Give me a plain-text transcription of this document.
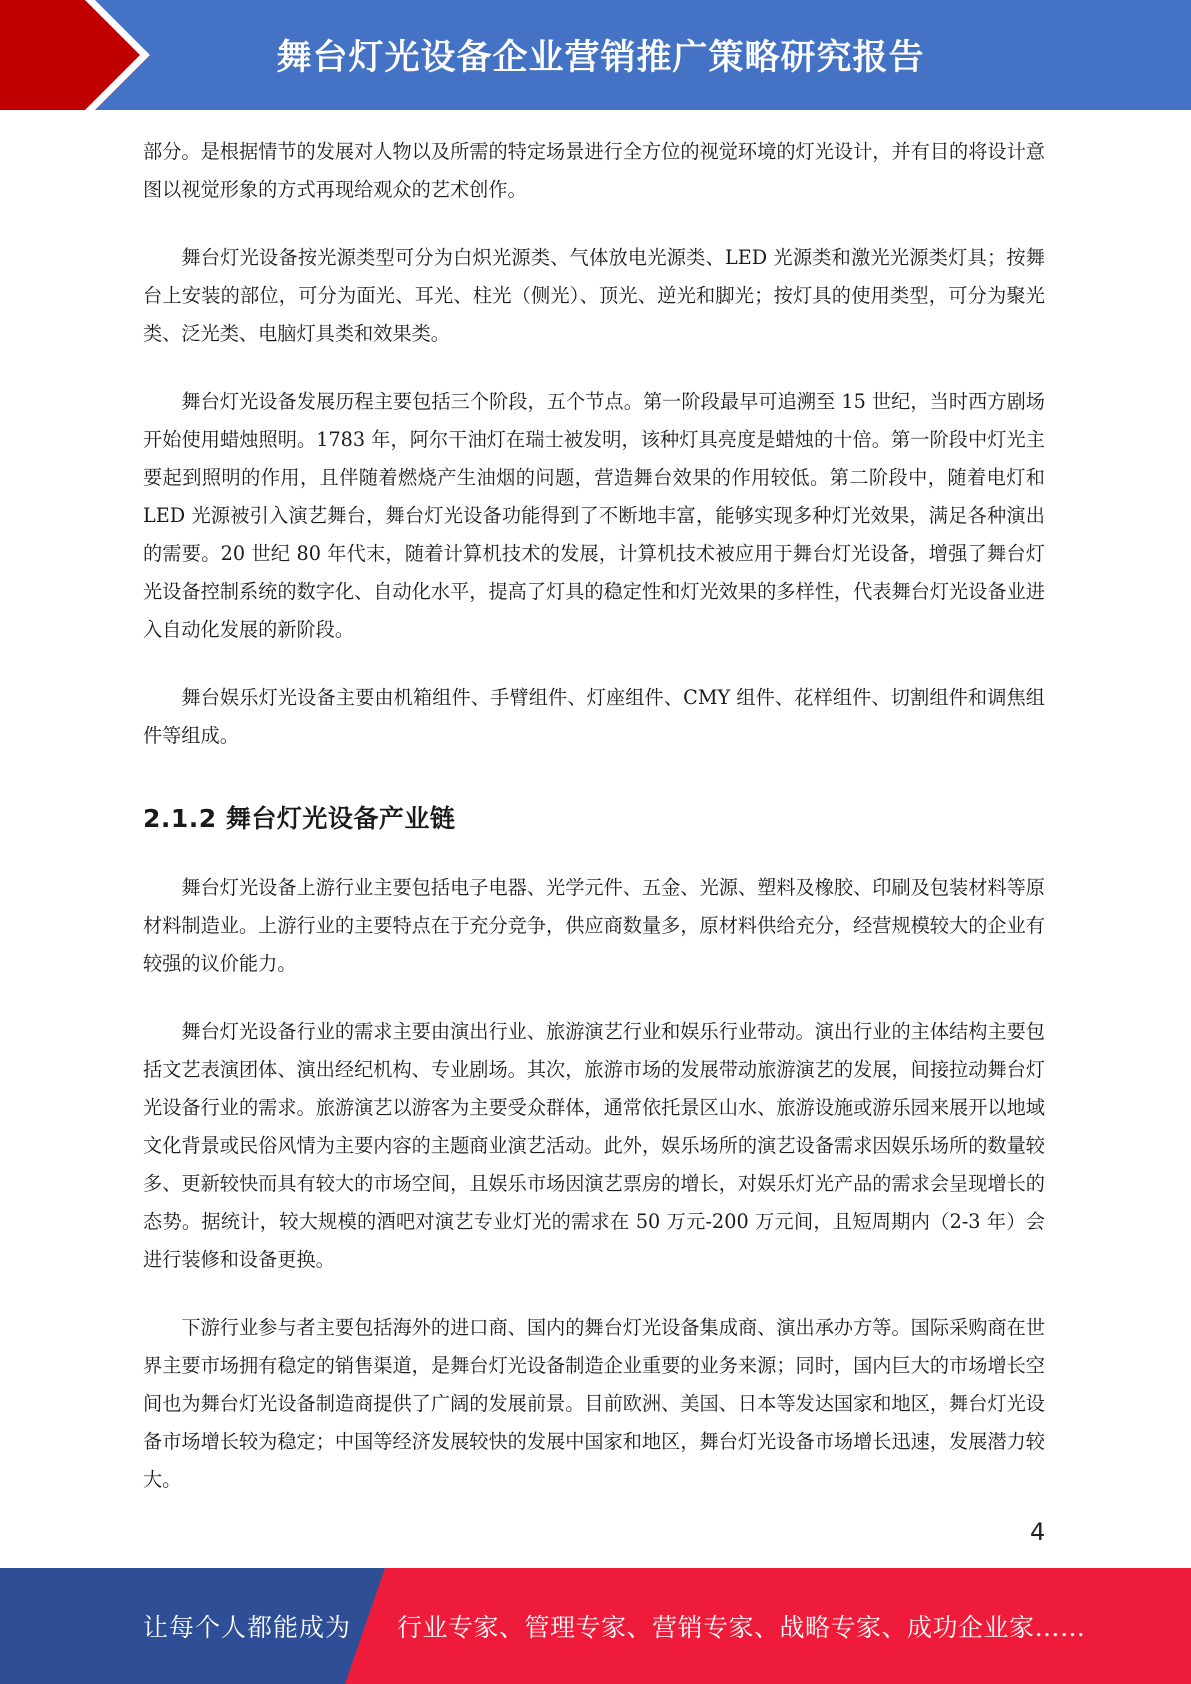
舞台灯光设备企业营销推广策略研究报告

部分。是根据情节的发展对人物以及所需的特定场景进行全方位的视觉环境的灯光设计，并有目的将设计意图以视觉形象的方式再现给观众的艺术创作。

舞台灯光设备按光源类型可分为白炽光源类、气体放电光源类、LED 光源类和激光光源类灯具；按舞台上安装的部位，可分为面光、耳光、柱光（侧光）、顶光、逆光和脚光；按灯具的使用类型，可分为聚光类、泛光类、电脑灯具类和效果类。

舞台灯光设备发展历程主要包括三个阶段，五个节点。第一阶段最早可追溯至 15 世纪，当时西方剧场开始使用蜡烛照明。1783 年，阿尔干油灯在瑞士被发明，该种灯具亮度是蜡烛的十倍。第一阶段中灯光主要起到照明的作用，且伴随着燃烧产生油烟的问题，营造舞台效果的作用较低。第二阶段中，随着电灯和 LED 光源被引入演艺舞台，舞台灯光设备功能得到了不断地丰富，能够实现多种灯光效果，满足各种演出的需要。20 世纪 80 年代末，随着计算机技术的发展，计算机技术被应用于舞台灯光设备，增强了舞台灯光设备控制系统的数字化、自动化水平，提高了灯具的稳定性和灯光效果的多样性，代表舞台灯光设备业进入自动化发展的新阶段。

舞台娱乐灯光设备主要由机箱组件、手臂组件、灯座组件、CMY 组件、花样组件、切割组件和调焦组件等组成。

2.1.2 舞台灯光设备产业链

舞台灯光设备上游行业主要包括电子电器、光学元件、五金、光源、塑料及橡胶、印刷及包装材料等原材料制造业。上游行业的主要特点在于充分竞争，供应商数量多，原材料供给充分，经营规模较大的企业有较强的议价能力。

舞台灯光设备行业的需求主要由演出行业、旅游演艺行业和娱乐行业带动。演出行业的主体结构主要包括文艺表演团体、演出经纪机构、专业剧场。其次，旅游市场的发展带动旅游演艺的发展，间接拉动舞台灯光设备行业的需求。旅游演艺以游客为主要受众群体，通常依托景区山水、旅游设施或游乐园来展开以地域文化背景或民俗风情为主要内容的主题商业演艺活动。此外，娱乐场所的演艺设备需求因娱乐场所的数量较多、更新较快而具有较大的市场空间，且娱乐市场因演艺票房的增长，对娱乐灯光产品的需求会呈现增长的态势。据统计，较大规模的酒吧对演艺专业灯光的需求在 50 万元-200 万元间，且短周期内（2-3 年）会进行装修和设备更换。

下游行业参与者主要包括海外的进口商、国内的舞台灯光设备集成商、演出承办方等。国际采购商在世界主要市场拥有稳定的销售渠道，是舞台灯光设备制造企业重要的业务来源；同时，国内巨大的市场增长空间也为舞台灯光设备制造商提供了广阔的发展前景。目前欧洲、美国、日本等发达国家和地区，舞台灯光设备市场增长较为稳定；中国等经济发展较快的发展中国家和地区，舞台灯光设备市场增长迅速，发展潜力较大。

4
让每个人都能成为 行业专家、管理专家、营销专家、战略专家、成功企业家……
